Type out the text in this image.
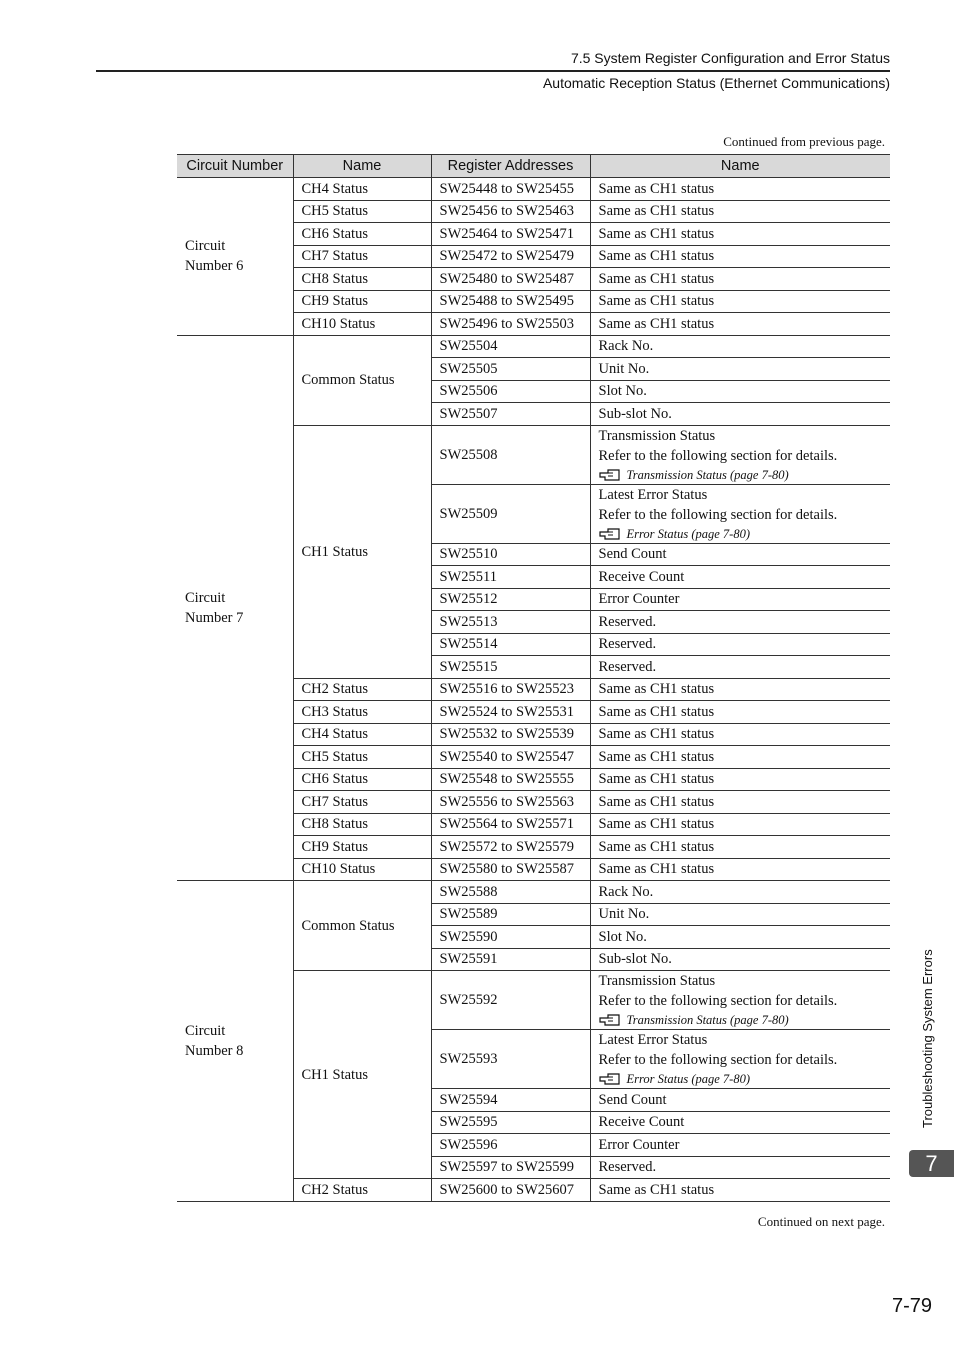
7.5 System Register Configuration and Error Status
Automatic Reception Status (Ethernet Communications)
Continued from previous page.
Circuit Number	Name	Register Addresses	Name
Circuit
Number 6	CH4 Status	SW25448 to SW25455	Same as CH1 status
	CH5 Status	SW25456 to SW25463	Same as CH1 status
	CH6 Status	SW25464 to SW25471	Same as CH1 status
	CH7 Status	SW25472 to SW25479	Same as CH1 status
	CH8 Status	SW25480 to SW25487	Same as CH1 status
	CH9 Status	SW25488 to SW25495	Same as CH1 status
	CH10 Status	SW25496 to SW25503	Same as CH1 status
Circuit
Number 7	Common Status	SW25504	Rack No.
		SW25505	Unit No.
		SW25506	Slot No.
		SW25507	Sub-slot No.
	CH1 Status	SW25508	Transmission Status
Refer to the following section for details.
Transmission Status (page 7-80)

		SW25509	Latest Error Status
Refer to the following section for details.
Error Status (page 7-80)

		SW25510	Send Count
		SW25511	Receive Count
		SW25512	Error Counter
		SW25513	Reserved.
		SW25514	Reserved.
		SW25515	Reserved.
	CH2 Status	SW25516 to SW25523	Same as CH1 status
	CH3 Status	SW25524 to SW25531	Same as CH1 status
	CH4 Status	SW25532 to SW25539	Same as CH1 status
	CH5 Status	SW25540 to SW25547	Same as CH1 status
	CH6 Status	SW25548 to SW25555	Same as CH1 status
	CH7 Status	SW25556 to SW25563	Same as CH1 status
	CH8 Status	SW25564 to SW25571	Same as CH1 status
	CH9 Status	SW25572 to SW25579	Same as CH1 status
	CH10 Status	SW25580 to SW25587	Same as CH1 status
Circuit
Number 8	Common Status	SW25588	Rack No.
		SW25589	Unit No.
		SW25590	Slot No.
		SW25591	Sub-slot No.
	CH1 Status	SW25592	Transmission Status
Refer to the following section for details.
Transmission Status (page 7-80)

		SW25593	Latest Error Status
Refer to the following section for details.
Error Status (page 7-80)

		SW25594	Send Count
		SW25595	Receive Count
		SW25596	Error Counter
		SW25597 to SW25599	Reserved.
	CH2 Status	SW25600 to SW25607	Same as CH1 status
Continued on next page.
Troubleshooting System Errors
7
7-79
